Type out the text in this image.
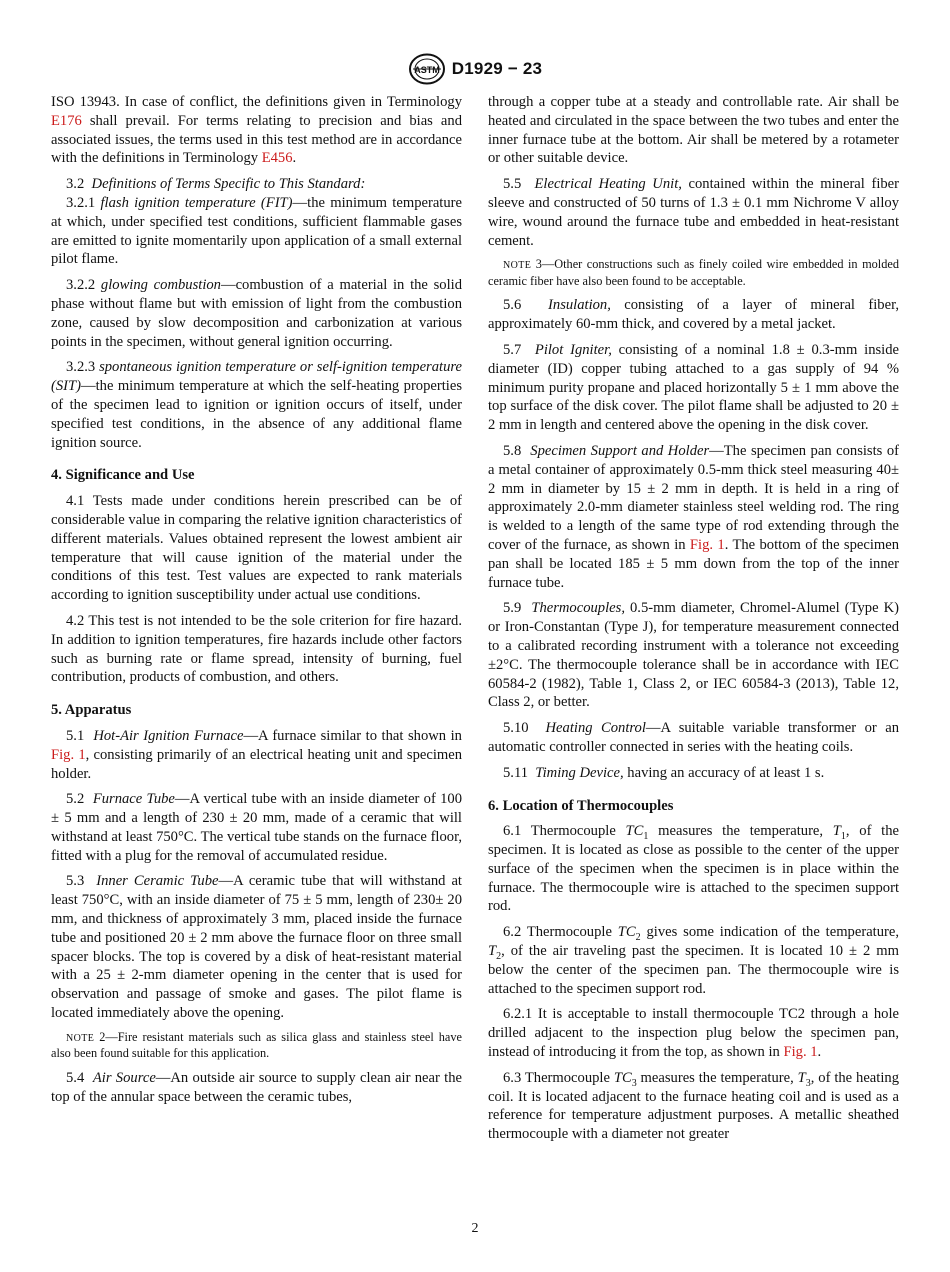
ASTM D1929 − 23

ISO 13943. In case of conflict, the definitions given in Terminology E176 shall prevail. For terms relating to precision and bias and associated issues, the terms used in this test method are in accordance with the definitions in Terminology E456.

3.2 Definitions of Terms Specific to This Standard:

3.2.1 flash ignition temperature (FIT)—the minimum temperature at which, under specified test conditions, sufficient flammable gases are emitted to ignite momentarily upon application of a small external pilot flame.

3.2.2 glowing combustion—combustion of a material in the solid phase without flame but with emission of light from the combustion zone, caused by slow decomposition and carbonization at various points in the specimen, without general ignition occurring.

3.2.3 spontaneous ignition temperature or self-ignition temperature (SIT)—the minimum temperature at which the self-heating properties of the specimen lead to ignition or ignition occurs of itself, under specified test conditions, in the absence of any additional flame ignition source.

4. Significance and Use

4.1 Tests made under conditions herein prescribed can be of considerable value in comparing the relative ignition characteristics of different materials. Values obtained represent the lowest ambient air temperature that will cause ignition of the material under the conditions of this test. Test values are expected to rank materials according to ignition susceptibility under actual use conditions.

4.2 This test is not intended to be the sole criterion for fire hazard. In addition to ignition temperatures, fire hazards include other factors such as burning rate or flame spread, intensity of burning, fuel contribution, products of combustion, and others.

5. Apparatus

5.1 Hot-Air Ignition Furnace—A furnace similar to that shown in Fig. 1, consisting primarily of an electrical heating unit and specimen holder.

5.2 Furnace Tube—A vertical tube with an inside diameter of 100 ± 5 mm and a length of 230 ± 20 mm, made of a ceramic that will withstand at least 750°C. The vertical tube stands on the furnace floor, fitted with a plug for the removal of accumulated residue.

5.3 Inner Ceramic Tube—A ceramic tube that will withstand at least 750°C, with an inside diameter of 75 ± 5 mm, length of 230± 20 mm, and thickness of approximately 3 mm, placed inside the furnace tube and positioned 20 ± 2 mm above the furnace floor on three small spacer blocks. The top is covered by a disk of heat-resistant material with a 25 ± 2-mm diameter opening in the center that is used for observation and passage of smoke and gases. The pilot flame is located immediately above the opening.

NOTE 2—Fire resistant materials such as silica glass and stainless steel have also been found suitable for this application.

5.4 Air Source—An outside air source to supply clean air near the top of the annular space between the ceramic tubes,

through a copper tube at a steady and controllable rate. Air shall be heated and circulated in the space between the two tubes and enter the inner furnace tube at the bottom. Air shall be metered by a rotameter or other suitable device.

5.5 Electrical Heating Unit, contained within the mineral fiber sleeve and constructed of 50 turns of 1.3 ± 0.1 mm Nichrome V alloy wire, wound around the furnace tube and embedded in heat-resistant cement.

NOTE 3—Other constructions such as finely coiled wire embedded in molded ceramic fiber have also been found to be acceptable.

5.6 Insulation, consisting of a layer of mineral fiber, approximately 60-mm thick, and covered by a metal jacket.

5.7 Pilot Igniter, consisting of a nominal 1.8 ± 0.3-mm inside diameter (ID) copper tubing attached to a gas supply of 94 % minimum purity propane and placed horizontally 5 ± 1 mm above the top surface of the disk cover. The pilot flame shall be adjusted to 20 ± 2 mm in length and centered above the opening in the disk cover.

5.8 Specimen Support and Holder—The specimen pan consists of a metal container of approximately 0.5-mm thick steel measuring 40± 2 mm in diameter by 15 ± 2 mm in depth. It is held in a ring of approximately 2.0-mm diameter stainless steel welding rod. The ring is welded to a length of the same type of rod extending through the cover of the furnace, as shown in Fig. 1. The bottom of the specimen pan shall be located 185 ± 5 mm down from the top of the inner furnace tube.

5.9 Thermocouples, 0.5-mm diameter, Chromel-Alumel (Type K) or Iron-Constantan (Type J), for temperature measurement connected to a calibrated recording instrument with a tolerance not exceeding ±2°C. The thermocouple tolerance shall be in accordance with IEC 60584-2 (1982), Table 1, Class 2, or IEC 60584-3 (2013), Table 12, Class 2, or better.

5.10 Heating Control—A suitable variable transformer or an automatic controller connected in series with the heating coils.

5.11 Timing Device, having an accuracy of at least 1 s.

6. Location of Thermocouples

6.1 Thermocouple $TC_1$ measures the temperature, $T_1$, of the specimen. It is located as close as possible to the center of the upper surface of the specimen when the specimen is in place within the furnace. The thermocouple wire is attached to the specimen support rod.

6.2 Thermocouple $TC_2$ gives some indication of the temperature, $T_2$, of the air traveling past the specimen. It is located 10 ± 2 mm below the center of the specimen pan. The thermocouple wire is attached to the specimen support rod.

6.2.1 It is acceptable to install thermocouple TC2 through a hole drilled adjacent to the inspection plug below the specimen pan, instead of introducing it from the top, as shown in Fig. 1.

6.3 Thermocouple $TC_3$ measures the temperature, $T_3$, of the heating coil. It is located adjacent to the furnace heating coil and is used as a reference for temperature adjustment purposes. A metallic sheathed thermocouple with a diameter not greater

2
